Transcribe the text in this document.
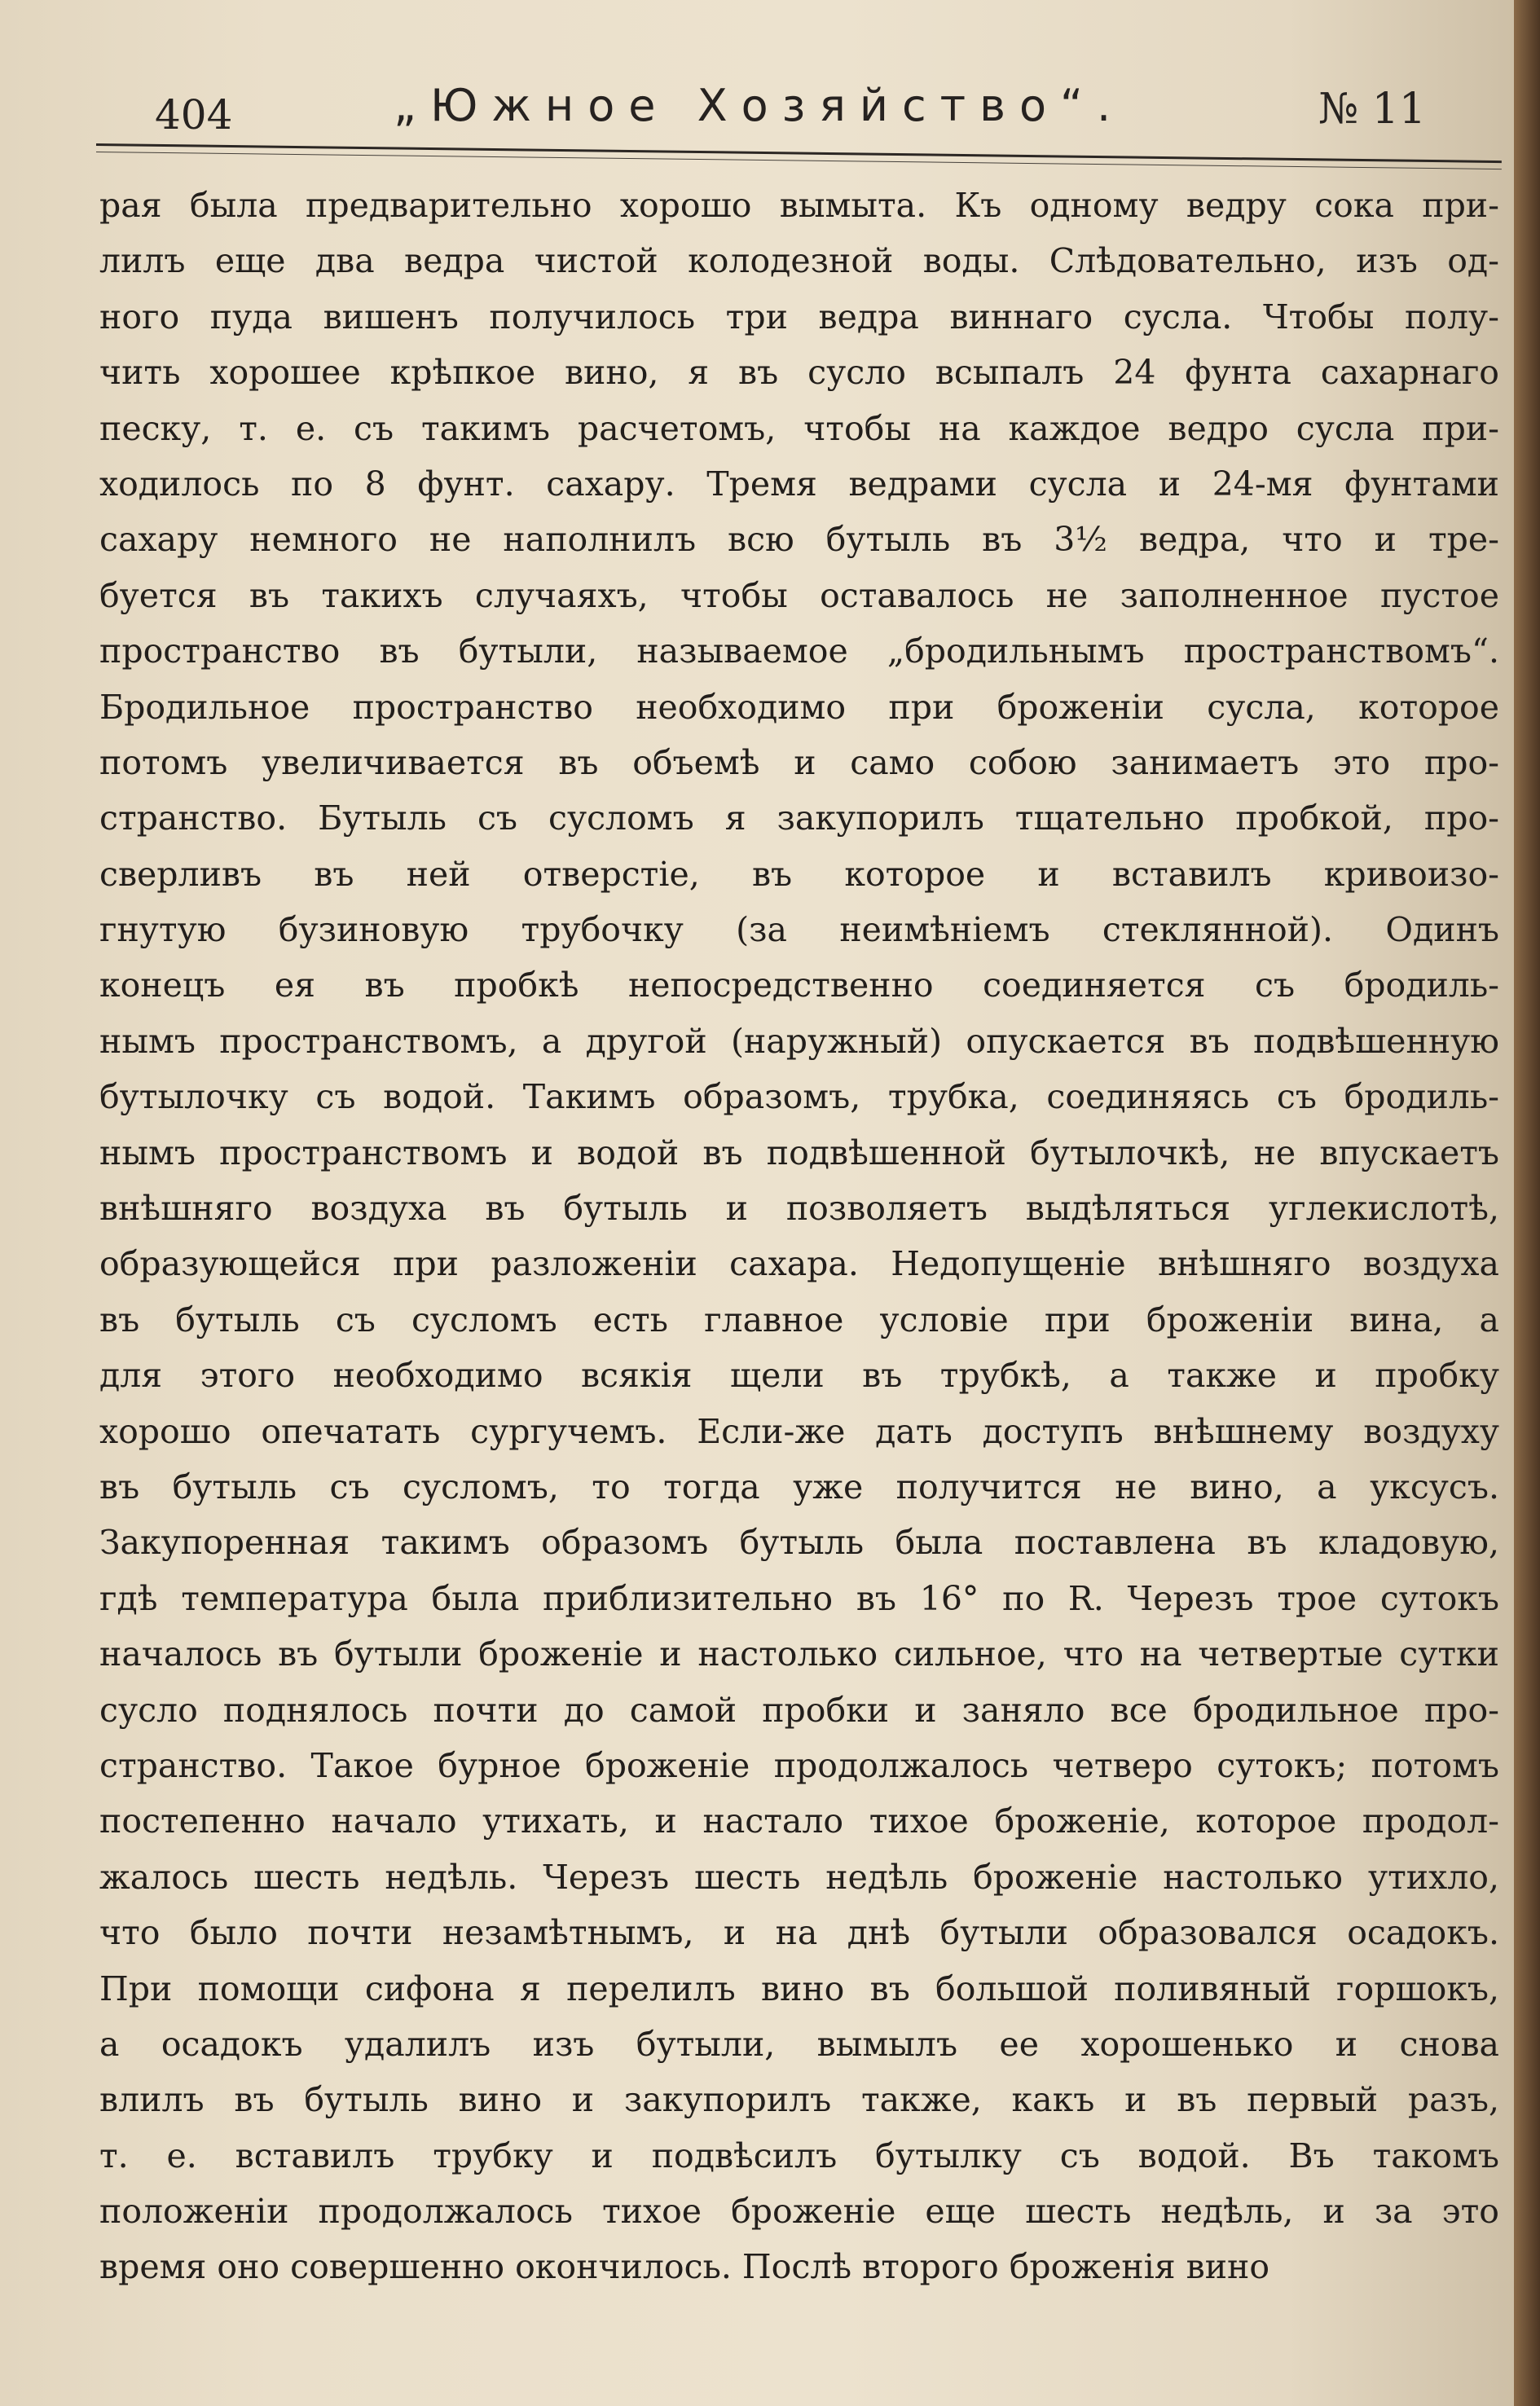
404	„Южное Хозяйство“.	№ 11
рая была предварительно хорошо вымыта. Къ одному ведру сока при-
лилъ еще два ведра чистой колодезной воды. Слѣдовательно, изъ од-
ного пуда вишенъ получилось три ведра виннаго сусла. Чтобы полу-
чить хорошее крѣпкое вино, я въ сусло всыпалъ 24 фунта сахарнаго
песку, т. е. съ такимъ расчетомъ, чтобы на каждое ведро сусла при-
ходилось по 8 фунт. сахару. Тремя ведрами сусла и 24-мя фунтами
сахару немного не наполнилъ всю бутыль въ 3½ ведра, что и тре-
буется въ такихъ случаяхъ, чтобы оставалось не заполненное пустое
пространство въ бутыли, называемое „бродильнымъ пространствомъ“.
Бродильное пространство необходимо при броженіи сусла, которое
потомъ увеличивается въ объемѣ и само собою занимаетъ это про-
странство. Бутыль съ сусломъ я закупорилъ тщательно пробкой, про-
сверливъ въ ней отверстіе, въ которое и вставилъ кривоизо-
гнутую бузиновую трубочку (за неимѣніемъ стеклянной). Одинъ
конецъ ея въ пробкѣ непосредственно соединяется съ бродиль-
нымъ пространствомъ, а другой (наружный) опускается въ подвѣшенную
бутылочку съ водой. Такимъ образомъ, трубка, соединяясь съ бродиль-
нымъ пространствомъ и водой въ подвѣшенной бутылочкѣ, не впускаетъ
внѣшняго воздуха въ бутыль и позволяетъ выдѣляться углекислотѣ,
образующейся при разложеніи сахара. Недопущеніе внѣшняго воздуха
въ бутыль съ сусломъ есть главное условіе при броженіи вина, а
для этого необходимо всякія щели въ трубкѣ, а также и пробку
хорошо опечатать сургучемъ. Если-же дать доступъ внѣшнему воздуху
въ бутыль съ сусломъ, то тогда уже получится не вино, а уксусъ.
Закупоренная такимъ образомъ бутыль была поставлена въ кладовую,
гдѣ температура была приблизительно въ 16° по R. Черезъ трое сутокъ
началось въ бутыли броженіе и настолько сильное, что на четвертые сутки
сусло поднялось почти до самой пробки и заняло все бродильное про-
странство. Такое бурное броженіе продолжалось четверо сутокъ; потомъ
постепенно начало утихать, и настало тихое броженіе, которое продол-
жалось шесть недѣль. Черезъ шесть недѣль броженіе настолько утихло,
что было почти незамѣтнымъ, и на днѣ бутыли образовался осадокъ.
При помощи сифона я перелилъ вино въ большой поливяный горшокъ,
а осадокъ удалилъ изъ бутыли, вымылъ ее хорошенько и снова
влилъ въ бутыль вино и закупорилъ также, какъ и въ первый разъ,
т. е. вставилъ трубку и подвѣсилъ бутылку съ водой. Въ такомъ
положеніи продолжалось тихое броженіе еще шесть недѣль, и за это
время оно совершенно окончилось. Послѣ второго броженія вино
